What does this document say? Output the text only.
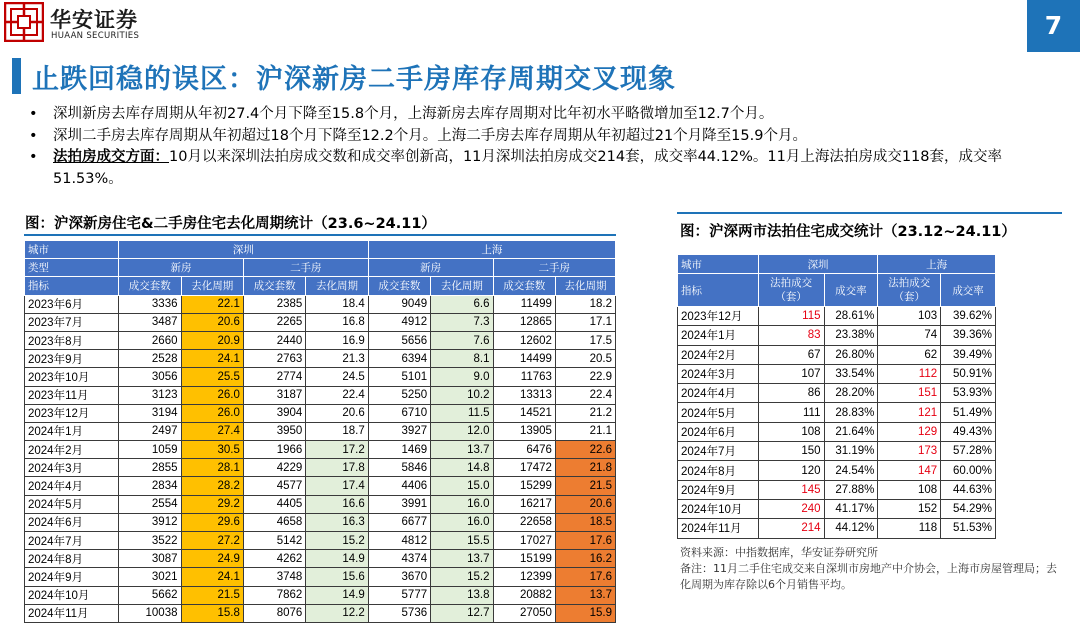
华安证券
HUAAN SECURITIES	7
止跌回稳的误区：沪深新房二手房库存周期交叉现象
• 深圳新房去库存周期从年初27.4个月下降至15.8个月，上海新房去库存周期对比年初水平略微增加至12.7个月。
• 深圳二手房去库存周期从年初超过18个月下降至12.2个月。上海二手房去库存周期从年初超过21个月降至15.9个月。
• 法拍房成交方面：10月以来深圳法拍房成交数和成交率创新高，11月深圳法拍房成交214套，成交率44.12%。11月上海法拍房成交118套，成交率51.53%。
图：沪深新房住宅&二手房住宅去化周期统计（23.6~24.11）
城市	深圳				上海			
类型	新房		二手房		新房		二手房	
指标	成交套数	去化周期	成交套数	去化周期	成交套数	去化周期	成交套数	去化周期
2023年6月	3336	22.1	2385	18.4	9049	6.6	11499	18.2
2023年7月	3487	20.6	2265	16.8	4912	7.3	12865	17.1
2023年8月	2660	20.9	2440	16.9	5656	7.6	12602	17.5
2023年9月	2528	24.1	2763	21.3	6394	8.1	14499	20.5
2023年10月	3056	25.5	2774	24.5	5101	9.0	11763	22.9
2023年11月	3123	26.0	3187	22.4	5250	10.2	13313	22.4
2023年12月	3194	26.0	3904	20.6	6710	11.5	14521	21.2
2024年1月	2497	27.4	3950	18.7	3927	12.0	13905	21.1
2024年2月	1059	30.5	1966	17.2	1469	13.7	6476	22.6
2024年3月	2855	28.1	4229	17.8	5846	14.8	17472	21.8
2024年4月	2834	28.2	4577	17.4	4406	15.0	15299	21.5
2024年5月	2554	29.2	4405	16.6	3991	16.0	16217	20.6
2024年6月	3912	29.6	4658	16.3	6677	16.0	22658	18.5
2024年7月	3522	27.2	5142	15.2	4812	15.5	17027	17.6
2024年8月	3087	24.9	4262	14.9	4374	13.7	15199	16.2
2024年9月	3021	24.1	3748	15.6	3670	15.2	12399	17.6
2024年10月	5662	21.5	7862	14.9	5777	13.8	20882	13.7
2024年11月	10038	15.8	8076	12.2	5736	12.7	27050	15.9
图：沪深两市法拍住宅成交统计（23.12~24.11）
城市	深圳		上海	
指标	法拍成交
（套）	成交率	法拍成交
（套）	成交率
2023年12月	115	28.61%	103	39.62%
2024年1月	83	23.38%	74	39.36%
2024年2月	67	26.80%	62	39.49%
2024年3月	107	33.54%	112	50.91%
2024年4月	86	28.20%	151	53.93%
2024年5月	111	28.83%	121	51.49%
2024年6月	108	21.64%	129	49.43%
2024年7月	150	31.19%	173	57.28%
2024年8月	120	24.54%	147	60.00%
2024年9月	145	27.88%	108	44.63%
2024年10月	240	41.17%	152	54.29%
2024年11月	214	44.12%	118	51.53%
资料来源：中指数据库，华安证券研究所
备注：11月二手住宅成交来自深圳市房地产中介协会，上海市房屋管理局；去化周期为库存除以6个月销售平均。
